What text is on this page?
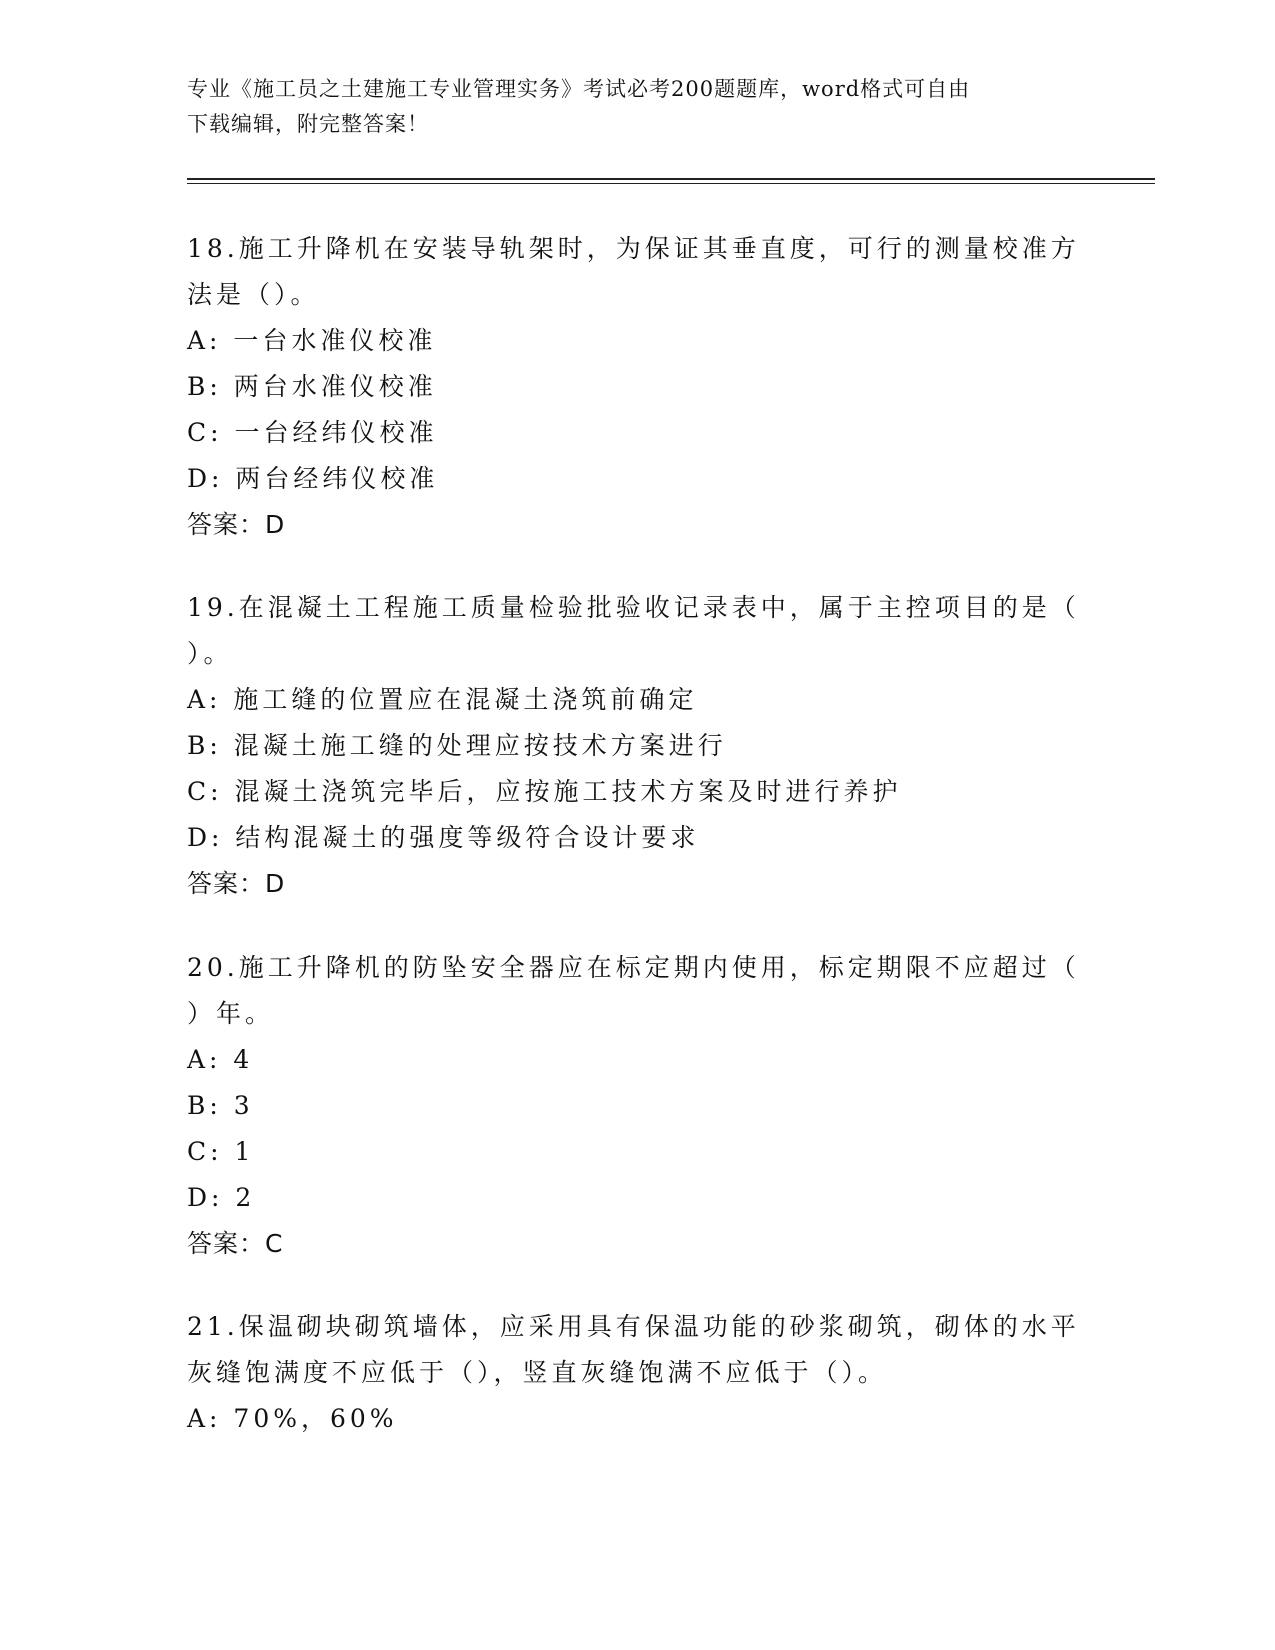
专业《施工员之土建施工专业管理实务》考试必考200题题库，word格式可自由
下载编辑，附完整答案！
18.施工升降机在安装导轨架时，为保证其垂直度，可行的测量校准方
法是（）。
A: 一台水准仪校准
B: 两台水准仪校准
C: 一台经纬仪校准
D: 两台经纬仪校准
答案：D
19.在混凝土工程施工质量检验批验收记录表中，属于主控项目的是（
）。
A: 施工缝的位置应在混凝土浇筑前确定
B: 混凝土施工缝的处理应按技术方案进行
C: 混凝土浇筑完毕后，应按施工技术方案及时进行养护
D: 结构混凝土的强度等级符合设计要求
答案：D
20.施工升降机的防坠安全器应在标定期内使用，标定期限不应超过（
）年。
A: 4
B: 3
C: 1
D: 2
答案：C
21.保温砌块砌筑墙体，应采用具有保温功能的砂浆砌筑，砌体的水平
灰缝饱满度不应低于（），竖直灰缝饱满不应低于（）。
A: 70%，60%
